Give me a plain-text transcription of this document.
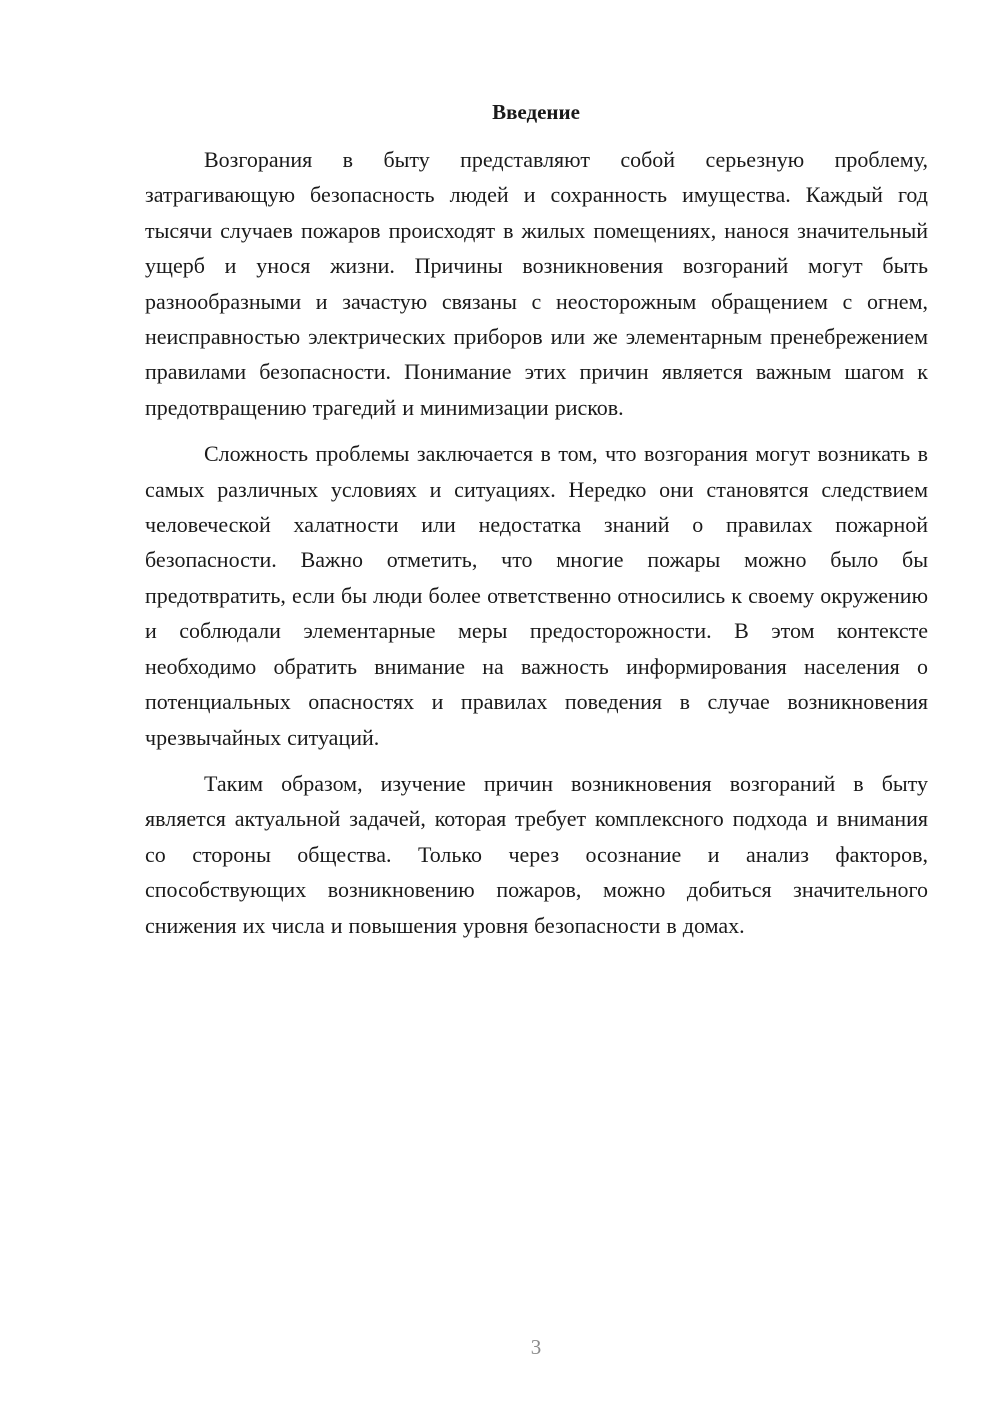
Введение

Возгорания в быту представляют собой серьезную проблему, затрагивающую безопасность людей и сохранность имущества. Каждый год тысячи случаев пожаров происходят в жилых помещениях, нанося значительный ущерб и унося жизни. Причины возникновения возгораний могут быть разнообразными и зачастую связаны с неосторожным обращением с огнем, неисправностью электрических приборов или же элементарным пренебрежением правилами безопасности. Понимание этих причин является важным шагом к предотвращению трагедий и минимизации рисков.

Сложность проблемы заключается в том, что возгорания могут возникать в самых различных условиях и ситуациях. Нередко они становятся следствием человеческой халатности или недостатка знаний о правилах пожарной безопасности. Важно отметить, что многие пожары можно было бы предотвратить, если бы люди более ответственно относились к своему окружению и соблюдали элементарные меры предосторожности. В этом контексте необходимо обратить внимание на важность информирования населения о потенциальных опасностях и правилах поведения в случае возникновения чрезвычайных ситуаций.

Таким образом, изучение причин возникновения возгораний в быту является актуальной задачей, которая требует комплексного подхода и внимания со стороны общества. Только через осознание и анализ факторов, способствующих возникновению пожаров, можно добиться значительного снижения их числа и повышения уровня безопасности в домах.

3
